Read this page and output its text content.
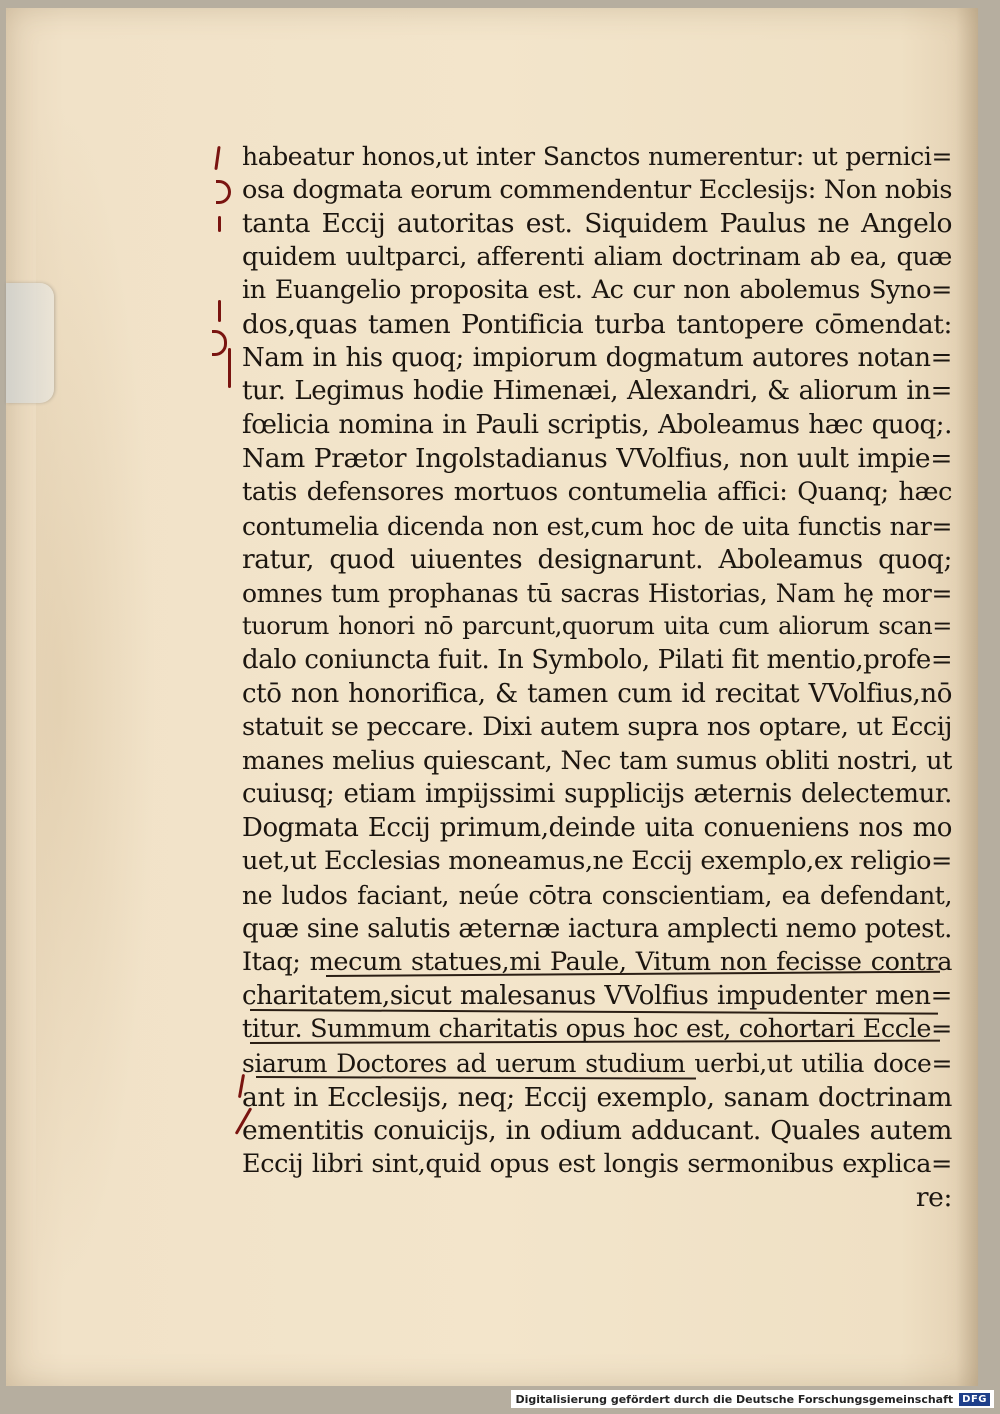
habeatur honos,ut inter Sanctos numerentur: ut pernici=
osa dogmata eorum commendentur Ecclesijs: Non nobis
tanta Eccij autoritas est. Siquidem Paulus ne Angelo
quidem uultparci, afferenti aliam doctrinam ab ea, quæ
in Euangelio proposita est. Ac cur non abolemus Syno=
dos,quas tamen Pontificia turba tantopere cōmendat:
Nam in his quoq; impiorum dogmatum autores notan=
tur. Legimus hodie Himenæi, Alexandri, & aliorum in=
fœlicia nomina in Pauli scriptis, Aboleamus hæc quoq;.
Nam Prætor Ingolstadianus VVolfius, non uult impie=
tatis defensores mortuos contumelia affici: Quanq; hæc
contumelia dicenda non est,cum hoc de uita functis nar=
ratur, quod uiuentes designarunt. Aboleamus quoq;
omnes tum prophanas tū sacras Historias, Nam hę mor=
tuorum honori nō parcunt,quorum uita cum aliorum scan=
dalo coniuncta fuit. In Symbolo, Pilati fit mentio,profe=
ctō non honorifica, & tamen cum id recitat VVolfius,nō
statuit se peccare. Dixi autem supra nos optare, ut Eccij
manes melius quiescant, Nec tam sumus obliti nostri, ut
cuiusq; etiam impijssimi supplicijs æternis delectemur.
Dogmata Eccij primum,deinde uita conueniens nos mo
uet,ut Ecclesias moneamus,ne Eccij exemplo,ex religio=
ne ludos faciant, neúe cōtra conscientiam, ea defendant,
quæ sine salutis æternæ iactura amplecti nemo potest.
Itaq; mecum statues,mi Paule, Vitum non fecisse contra
charitatem,sicut malesanus VVolfius impudenter men=
titur. Summum charitatis opus hoc est, cohortari Eccle=
siarum Doctores ad uerum studium uerbi,ut utilia doce=
ant in Ecclesijs, neq; Eccij exemplo, sanam doctrinam
ementitis conuicijs, in odium adducant. Quales autem
Eccij libri sint,quid opus est longis sermonibus explica=
re:
Digitalisierung gefördert durch die Deutsche Forschungsgemeinschaft DFG
